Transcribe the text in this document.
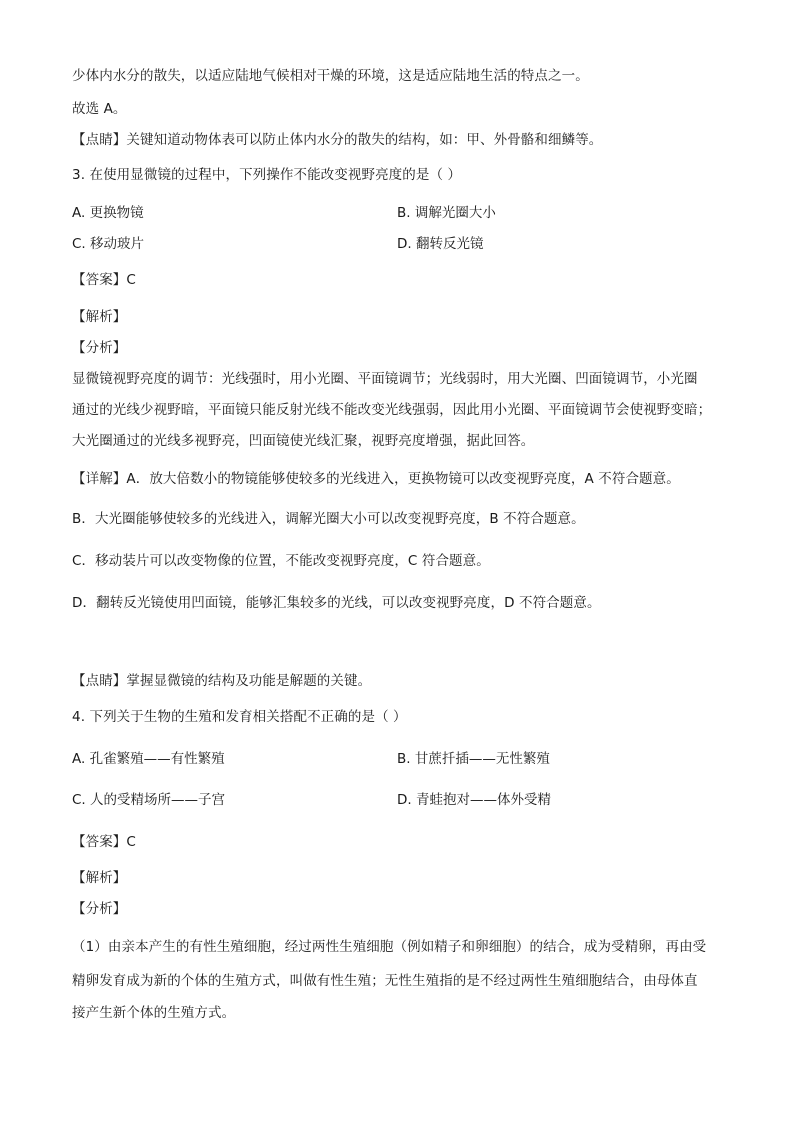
少体内水分的散失，以适应陆地气候相对干燥的环境，这是适应陆地生活的特点之一。
故选 A。
【点睛】关键知道动物体表可以防止体内水分的散失的结构，如：甲、外骨骼和细鳞等。
3. 在使用显微镜的过程中，下列操作不能改变视野亮度的是（ ）
A. 更换物镜	B. 调解光圈大小
C. 移动玻片	D. 翻转反光镜
【答案】C
【解析】
【分析】
显微镜视野亮度的调节：光线强时，用小光圈、平面镜调节；光线弱时，用大光圈、凹面镜调节，小光圈
通过的光线少视野暗，平面镜只能反射光线不能改变光线强弱，因此用小光圈、平面镜调节会使视野变暗；
大光圈通过的光线多视野亮，凹面镜使光线汇聚，视野亮度增强，据此回答。
【详解】A．放大倍数小的物镜能够使较多的光线进入，更换物镜可以改变视野亮度，A 不符合题意。
B．大光圈能够使较多的光线进入，调解光圈大小可以改变视野亮度，B 不符合题意。
C．移动装片可以改变物像的位置，不能改变视野亮度，C 符合题意。
D．翻转反光镜使用凹面镜，能够汇集较多的光线，可以改变视野亮度，D 不符合题意。
【点睛】掌握显微镜的结构及功能是解题的关键。
4. 下列关于生物的生殖和发育相关搭配不正确的是（ ）
A. 孔雀繁殖——有性繁殖	B. 甘蔗扦插——无性繁殖
C. 人的受精场所——子宫	D. 青蛙抱对——体外受精
【答案】C
【解析】
【分析】
（1）由亲本产生的有性生殖细胞，经过两性生殖细胞（例如精子和卵细胞）的结合，成为受精卵，再由受
精卵发育成为新的个体的生殖方式，叫做有性生殖；无性生殖指的是不经过两性生殖细胞结合，由母体直
接产生新个体的生殖方式。
